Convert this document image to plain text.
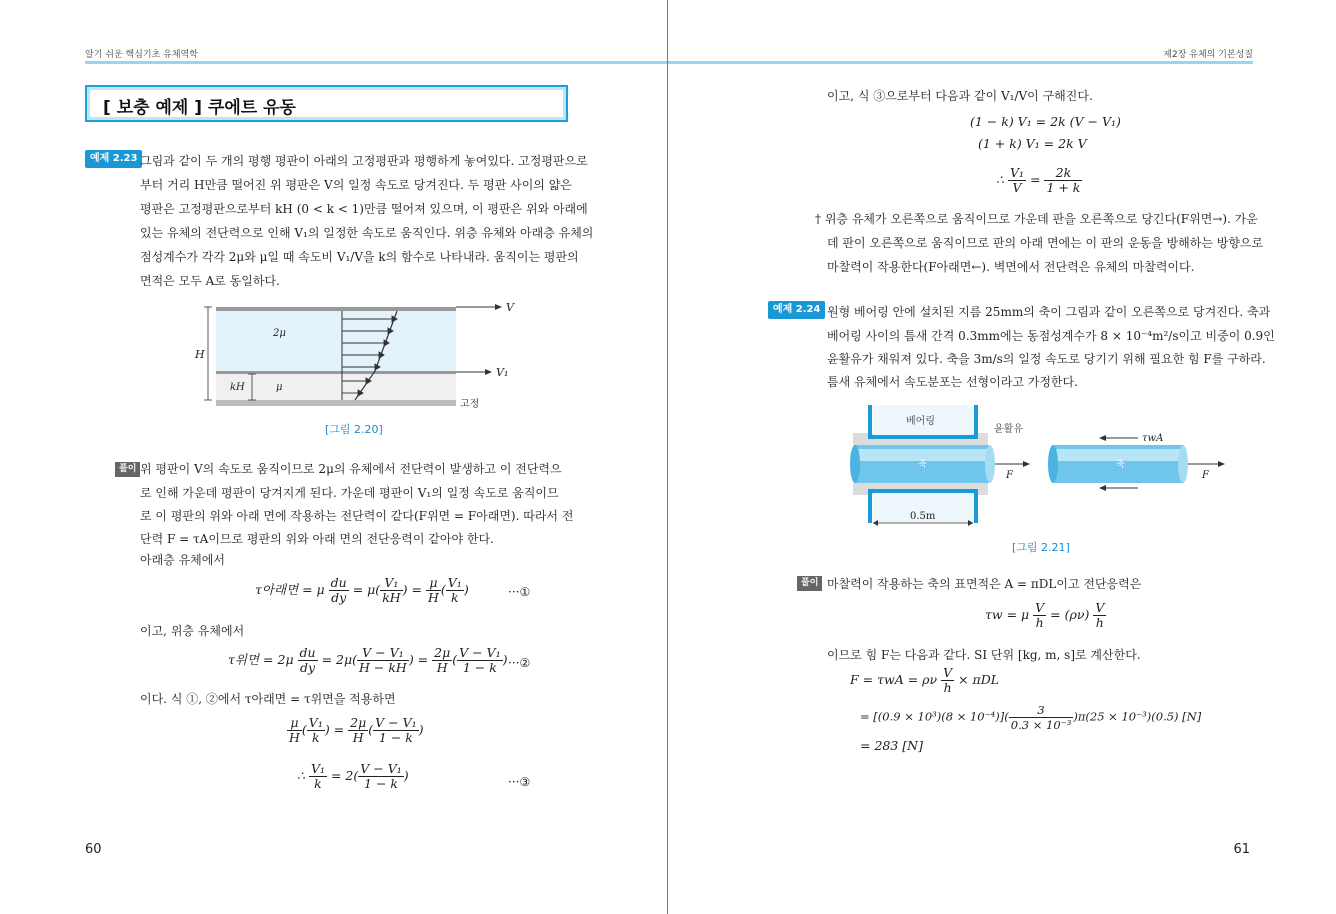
알기 쉬운 핵심기초 유체역학	제2장 유체의 기본성질
[ 보충 예제 ] 쿠에트 유동
예제 2.23 그림과 같이 두 개의 평행 평판이 아래의 고정평판과 평행하게 놓여있다. 고정평판으로
부터 거리 H만큼 떨어진 위 평판은 V의 일정 속도로 당겨진다. 두 평판 사이의 얇은
평판은 고정평판으로부터 kH (0 < k < 1)만큼 떨어져 있으며, 이 평판은 위와 아래에
있는 유체의 전단력으로 인해 V₁의 일정한 속도로 움직인다. 위층 유체와 아래층 유체의
점성계수가 각각 2μ와 μ일 때 속도비 V₁/V을 k의 함수로 나타내라. 움직이는 평판의
면적은 모두 A로 동일하다.
V
V₁
H
kH
2μ
μ
고정
[그림 2.20]
풀이 위 평판이 V의 속도로 움직이므로 2μ의 유체에서 전단력이 발생하고 이 전단력으
로 인해 가운데 평판이 당겨지게 된다. 가운데 평판이 V₁의 일정 속도로 움직이므
로 이 평판의 위와 아래 면에 작용하는 전단력이 같다(F위면 = F아래면). 따라서 전
단력 F = τA이므로 평판의 위와 아래 면의 전단응력이 같아야 한다.
아래층 유체에서
τ아래면 = μ $\frac{du}{dy} = \mu( \frac{\text{V₁}}{kH}$ ) = $\frac{\mu}{H}$ ( $\frac{\text{V₁}}{k}$ )	···①
이고, 위층 유체에서
τ위면 = $2\mu \frac{du}{dy} = 2\mu( \frac{\text{V − V₁}}{H - kH}$ ) = $\frac{2\mu}{H}$ ( $\frac{\text{V − V₁}}{1 - k}$ ) ···②
이다. 식 ①, ②에서 τ아래면 = τ위면을 적용하면
$\frac{\mu}{H}$ ( $\frac{\text{V₁}}{k}$ ) = $\frac{2\mu}{H}$ ( $\frac{\text{V − V₁}}{1 - k}$ )
∴ $\frac{\text{V₁}}{k} = 2( \frac{\text{V − V₁}}{1 - k}$ )	···③
60
이고, 식 ③으로부터 다음과 같이 V₁/V이 구해진다.
(1 − k) V₁ = 2k (V − V₁)
(1 + k) V₁ = 2k V
∴ $\frac{\text{V₁}}{V} = \frac{2k}{1 + k}$
† 위층 유체가 오른쪽으로 움직이므로 가운데 판을 오른쪽으로 당긴다(F위면→). 가운
데 판이 오른쪽으로 움직이므로 판의 아래 면에는 이 판의 운동을 방해하는 방향으로
마찰력이 작용한다(F아래면←). 벽면에서 전단력은 유체의 마찰력이다.
예제 2.24 원형 베어링 안에 설치된 지름 25mm의 축이 그림과 같이 오른쪽으로 당겨진다. 축과
베어링 사이의 틈새 간격 0.3mm에는 동점성계수가 8 × 10⁻⁴m²/s이고 비중이 0.9인
윤활유가 채워져 있다. 축을 3m/s의 일정 속도로 당기기 위해 필요한 힘 F를 구하라.
틈새 유체에서 속도분포는 선형이라고 가정한다.
베어링
윤활유
축	축
F	F
0.5m
τwA
[그림 2.21]
풀이 마찰력이 작용하는 축의 표면적은 A = πDL이고 전단응력은
τw = μ $\frac{V}{h} = (\rho\nu) \frac{V}{h}$
이므로 힘 F는 다음과 같다. SI 단위 [kg, m, s]로 계산한다.
F = τwA = ρν $\frac{V}{h} \times \pi DL$
= $[(0.9 \times 10^3)(8 \times 10^{-4})]( \frac{3}{\text{0.3 × 10⁻³}} )\pi(25 \times 10^{-3})(0.5)$ [N]
= 283 [N]
61
